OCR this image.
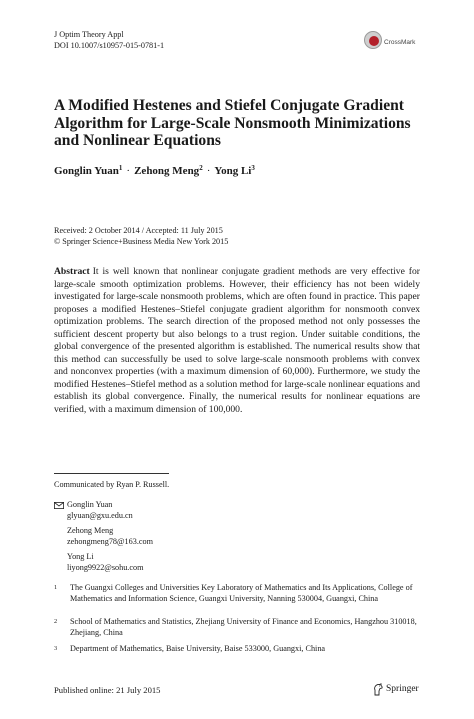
J Optim Theory Appl
DOI 10.1007/s10957-015-0781-1	CrossMark
A Modified Hestenes and Stiefel Conjugate Gradient Algorithm for Large-Scale Nonsmooth Minimizations and Nonlinear Equations
Gonglin Yuan$^1$ · Zehong Meng$^2$ · Yong Li$^3$
Received: 2 October 2014 / Accepted: 11 July 2015
© Springer Science+Business Media New York 2015
Abstract It is well known that nonlinear conjugate gradient methods are very effective for large-scale smooth optimization problems. However, their efficiency has not been widely investigated for large-scale nonsmooth problems, which are often found in practice. This paper proposes a modified Hestenes–Stiefel conjugate gradient algorithm for nonsmooth convex optimization problems. The search direction of the proposed method not only possesses the sufficient descent property but also belongs to a trust region. Under suitable conditions, the global convergence of the presented algorithm is established. The numerical results show that this method can successfully be used to solve large-scale nonsmooth problems with convex and nonconvex properties (with a maximum dimension of 60,000). Furthermore, we study the modified Hestenes–Stiefel method as a solution method for large-scale nonlinear equations and establish its global convergence. Finally, the numerical results for nonlinear equations are verified, with a maximum dimension of 100,000.
Communicated by Ryan P. Russell.
Gonglin Yuan
glyuan@gxu.edu.cn
Zehong Meng
zehongmeng78@163.com
Yong Li
liyong9922@sohu.com
1 The Guangxi Colleges and Universities Key Laboratory of Mathematics and Its Applications, College of Mathematics and Information Science, Guangxi University, Nanning 530004, Guangxi, China
2 School of Mathematics and Statistics, Zhejiang University of Finance and Economics, Hangzhou 310018, Zhejiang, China
3 Department of Mathematics, Baise University, Baise 533000, Guangxi, China
Published online: 21 July 2015	Springer
